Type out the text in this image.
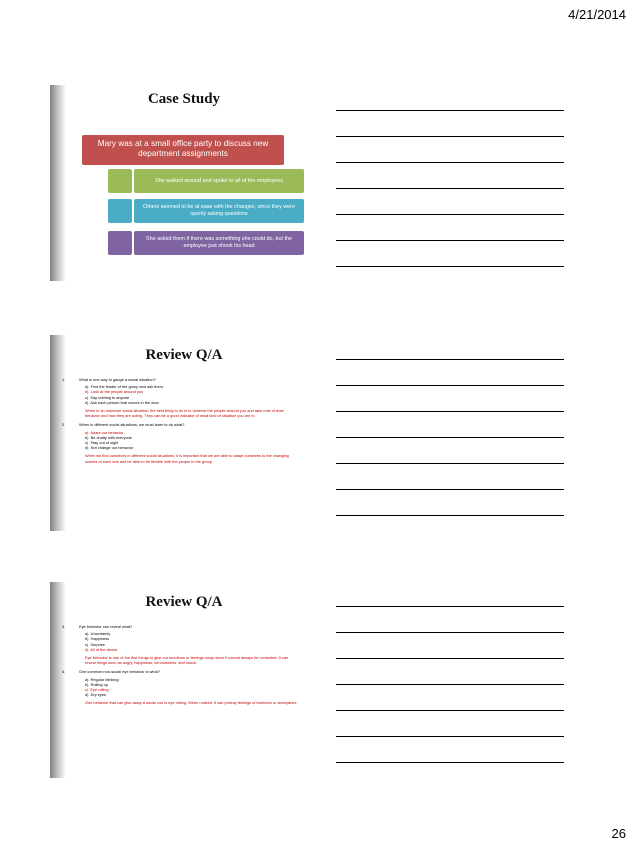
4/21/2014
Case Study
Mary was at a small office party to discuss new department assignments
She walked around and spoke to all of the employees
Others seemed to be at ease with the changes, since they were openly asking questions
She asked them if there was something she could do, but the employee just shook his head
Review Q/A
1.	What is one way to gauge a social situation?
a) Find the leader of the group and ask them
b) Look at the people around you
c) Say nothing to anyone
d) Ask each person that comes in the door
When in an unknown social situation, the best thing to do is to observe the people around you and take note of their behavior and how they are acting. They can be a good indicator of what kind of situation you are in.
2.	When in different social situations, we must learn to do what?
a) Adapt our behavior
b) Be chatty with everyone
c) Stay out of sight
d) Not change our behavior
When we find ourselves in different social situations, it is important that we are able to adapt ourselves to the changing scenes of each one and be able to be flexible with the people in the group.
Review Q/A
3.	Eye behavior can reveal what?
a) Uncertainty
b) Happiness
c) Surprise
d) All of the above
Eye behavior is one of the first things to give our emotions or feelings away since it cannot always be controlled. It can reveal things such as angry, happiness, nervousness, and shock.
4.	One common non-social eye behavior is what?
a) Regular blinking
b) Rolling up
c) Eye rolling
d) Dry eyes
One behavior that can give away a social cue is eye rolling. When noticed, it can portray feelings of boredom or annoyance.
26
